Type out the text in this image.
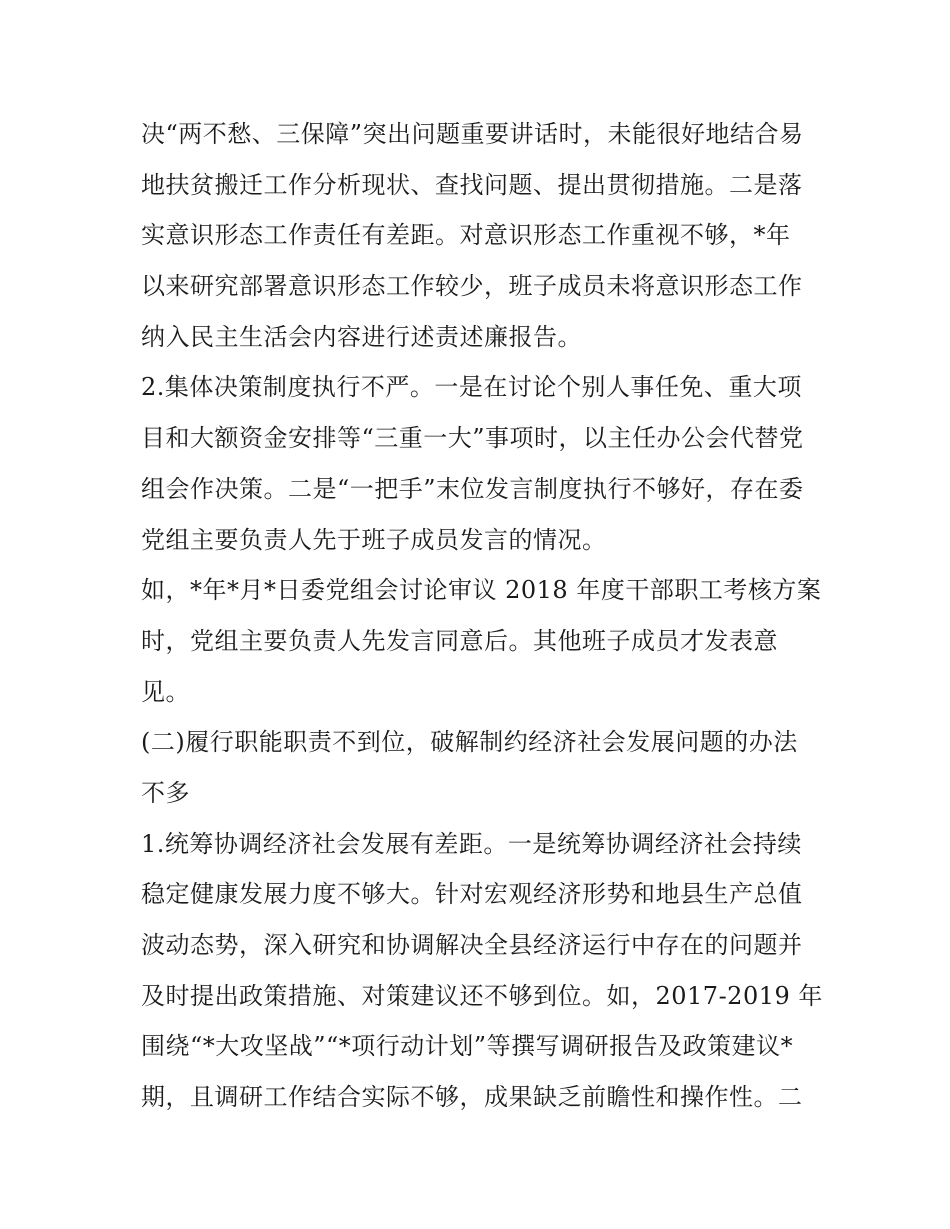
决“两不愁、三保障”突出问题重要讲话时，未能很好地结合易
地扶贫搬迁工作分析现状、查找问题、提出贯彻措施。二是落
实意识形态工作责任有差距。对意识形态工作重视不够，*年
以来研究部署意识形态工作较少，班子成员未将意识形态工作
纳入民主生活会内容进行述责述廉报告。
2.集体决策制度执行不严。一是在讨论个别人事任免、重大项
目和大额资金安排等“三重一大”事项时，以主任办公会代替党
组会作决策。二是“一把手”末位发言制度执行不够好，存在委
党组主要负责人先于班子成员发言的情况。
如，*年*月*日委党组会讨论审议 2018 年度干部职工考核方案
时，党组主要负责人先发言同意后。其他班子成员才发表意
见。
(二)履行职能职责不到位，破解制约经济社会发展问题的办法
不多
1.统筹协调经济社会发展有差距。一是统筹协调经济社会持续
稳定健康发展力度不够大。针对宏观经济形势和地县生产总值
波动态势，深入研究和协调解决全县经济运行中存在的问题并
及时提出政策措施、对策建议还不够到位。如，2017-2019 年
围绕“*大攻坚战”“*项行动计划”等撰写调研报告及政策建议*
期，且调研工作结合实际不够，成果缺乏前瞻性和操作性。二
